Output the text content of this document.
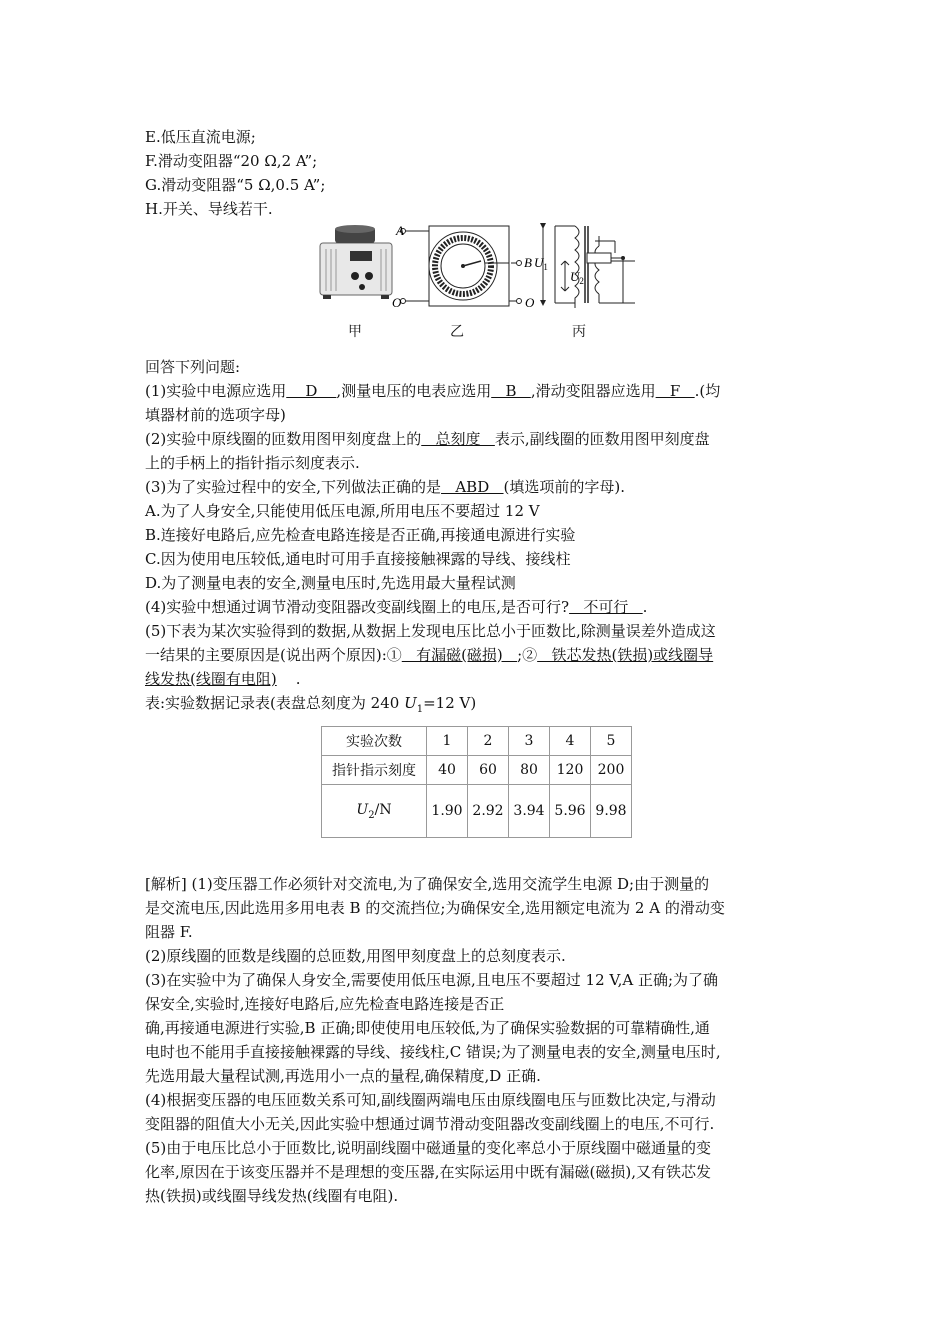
E.低压直流电源;
F.滑动变阻器“20 Ω,2 A”;
G.滑动变阻器“5 Ω,0.5 A”;
H.开关、导线若干.
A
O	O
B $U_1$
$U_2$
甲	乙	丙
回答下列问题:
(1)实验中电源应选用    D    ,测量电压的电表应选用   B   ,滑动变阻器应选用   F   .(均
填器材前的选项字母)
(2)实验中原线圈的匝数用图甲刻度盘上的   总刻度   表示,副线圈的匝数用图甲刻度盘
上的手柄上的指针指示刻度表示.
(3)为了实验过程中的安全,下列做法正确的是   ABD   (填选项前的字母).
A.为了人身安全,只能使用低压电源,所用电压不要超过 12 V
B.连接好电路后,应先检查电路连接是否正确,再接通电源进行实验
C.因为使用电压较低,通电时可用手直接接触裸露的导线、接线柱
D.为了测量电表的安全,测量电压时,先选用最大量程试测
(4)实验中想通过调节滑动变阻器改变副线圈上的电压,是否可行?   不可行   .
(5)下表为某次实验得到的数据,从数据上发现电压比总小于匝数比,除测量误差外造成这
一结果的主要原因是(说出两个原因):①   有漏磁(磁损)   ;②   铁芯发热(铁损)或线圈导
线发热(线圈有电阻)    .
表:实验数据记录表(表盘总刻度为 240 $U_1=12$ V)
实验次数	1	2	3	4	5
指针指示刻度	40	60	80	120	200
$U_2/N$	1.90	2.92	3.94	5.96	9.98
[解析] (1)变压器工作必须针对交流电,为了确保安全,选用交流学生电源 D;由于测量的
是交流电压,因此选用多用电表 B 的交流挡位;为确保安全,选用额定电流为 2 A 的滑动变
阻器 F.
(2)原线圈的匝数是线圈的总匝数,用图甲刻度盘上的总刻度表示.
(3)在实验中为了确保人身安全,需要使用低压电源,且电压不要超过 12 V,A 正确;为了确
保安全,实验时,连接好电路后,应先检查电路连接是否正
确,再接通电源进行实验,B 正确;即使使用电压较低,为了确保实验数据的可靠精确性,通
电时也不能用手直接接触裸露的导线、接线柱,C 错误;为了测量电表的安全,测量电压时,
先选用最大量程试测,再选用小一点的量程,确保精度,D 正确.
(4)根据变压器的电压匝数关系可知,副线圈两端电压由原线圈电压与匝数比决定,与滑动
变阻器的阻值大小无关,因此实验中想通过调节滑动变阻器改变副线圈上的电压,不可行.
(5)由于电压比总小于匝数比,说明副线圈中磁通量的变化率总小于原线圈中磁通量的变
化率,原因在于该变压器并不是理想的变压器,在实际运用中既有漏磁(磁损),又有铁芯发
热(铁损)或线圈导线发热(线圈有电阻).
